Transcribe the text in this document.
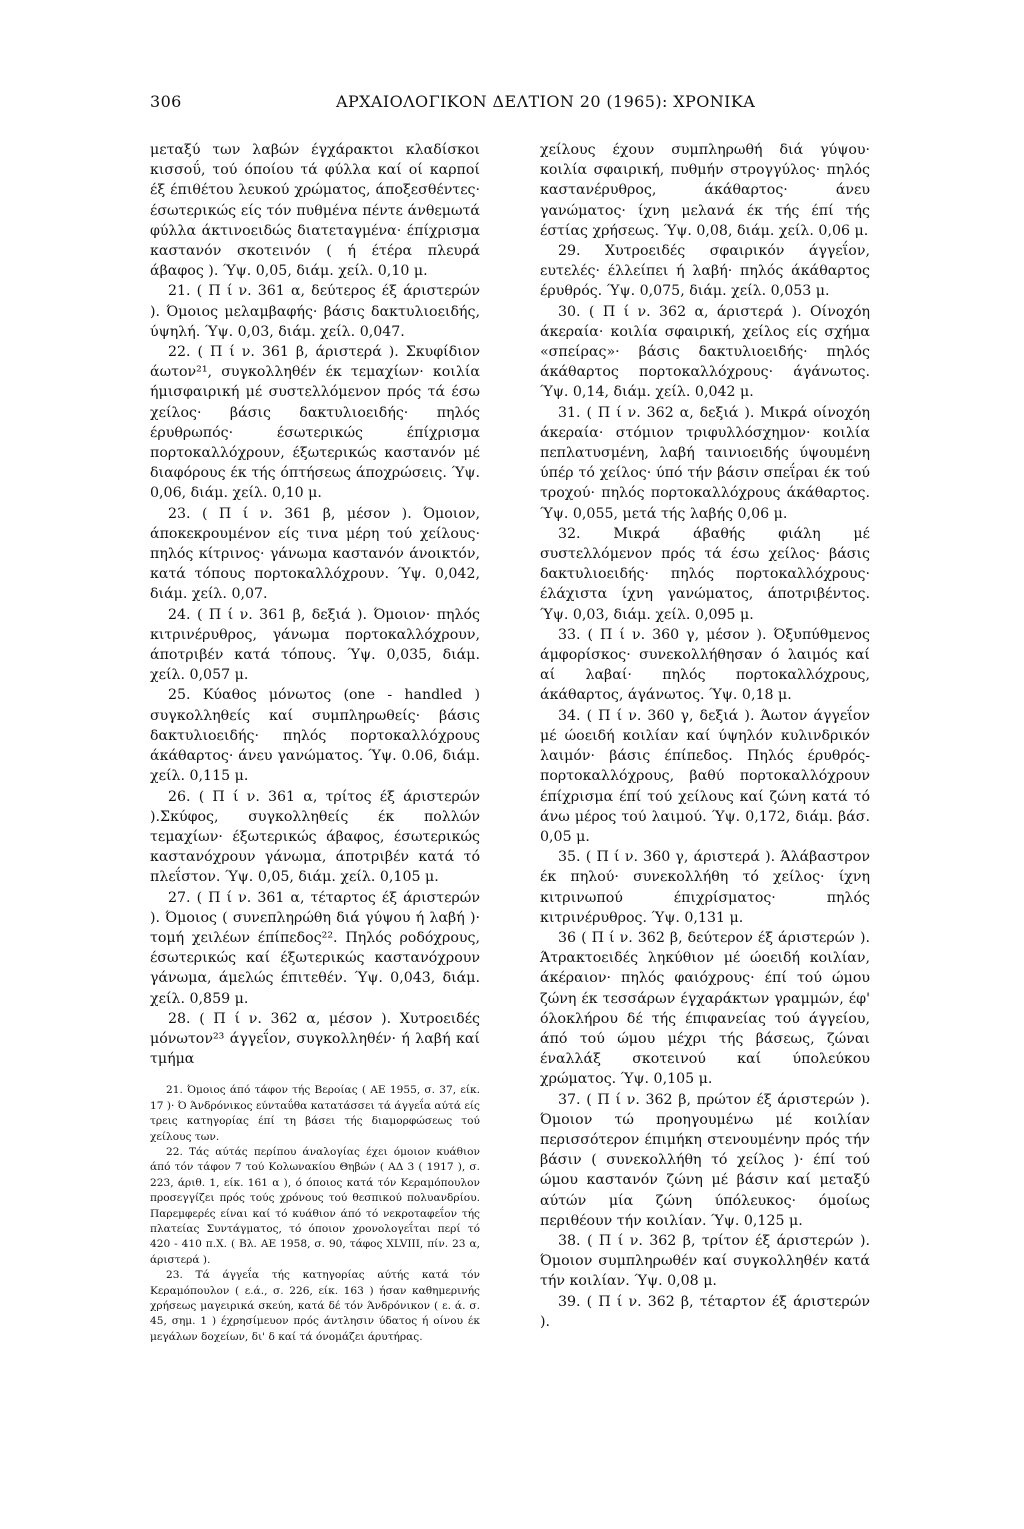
306	ΑΡΧΑΙΟΛΟΓΙΚΟΝ ΔΕΛΤΙΟΝ 20 (1965): ΧΡΟΝΙΚΑ

μεταξύ των λαβών έγχάρακτοι κλαδίσκοι κισσοΰ, τού όποίου τά φύλλα καί οί καρποί έξ έπιθέτου λευκού χρώματος, άποξεσθέντες· έσωτερικώς είς τόν πυθμένα πέντε άνθεμωτά φύλλα άκτινοειδώς διατεταγμένα· έπίχρισμα καστανόν σκοτεινόν ( ή έτέρα πλευρά άβαφος ). Ύψ. 0,05, διάμ. χείλ. 0,10 μ.

21. ( Π ί ν. 361 α, δεύτερος έξ άριστερών ). Όμοιος μελαμβαφής· βάσις δακτυλιοειδής, ύψηλή. Ύψ. 0,03, διάμ. χείλ. 0,047.

22. ( Π ί ν. 361 β, άριστερά ). Σκυφίδιον άωτον²¹, συγκολληθέν έκ τεμαχίων· κοιλία ήμισφαιρική μέ συστελλόμενον πρός τά έσω χείλος· βάσις δακτυλιοειδής· πηλός έρυθρωπός· έσωτερικώς έπίχρισμα πορτοκαλλόχρουν, έξωτερικώς καστανόν μέ διαφόρους έκ τής όπτήσεως άποχρώσεις. Ύψ. 0,06, διάμ. χείλ. 0,10 μ.

23. ( Π ί ν. 361 β, μέσον ). Όμοιον, άποκεκρουμένον είς τινα μέρη τού χείλους· πηλός κίτρινος· γάνωμα καστανόν άνοικτόν, κατά τόπους πορτοκαλλόχρουν. Ύψ. 0,042, διάμ. χείλ. 0,07.

24. ( Π ί ν. 361 β, δεξιά ). Όμοιον· πηλός κιτρινέρυθρος, γάνωμα πορτοκαλλόχρουν, άποτριβέν κατά τόπους. Ύψ. 0,035, διάμ. χείλ. 0,057 μ.

25. Κύαθος μόνωτος (one - handled ) συγκολληθείς καί συμπληρωθείς· βάσις δακτυλιοειδής· πηλός πορτοκαλλόχρους άκάθαρτος· άνευ γανώματος. Ύψ. 0.06, διάμ. χείλ. 0,115 μ.

26. ( Π ί ν. 361 α, τρίτος έξ άριστερών ).Σκύφος, συγκολληθείς έκ πολλών τεμαχίων· έξωτερικώς άβαφος, έσωτερικώς καστανόχρουν γάνωμα, άποτριβέν κατά τό πλεΐστον. Ύψ. 0,05, διάμ. χείλ. 0,105 μ.

27. ( Π ί ν. 361 α, τέταρτος έξ άριστερών ). Όμοιος ( συνεπληρώθη διά γύψου ή λαβή )· τομή χειλέων έπίπεδος²². Πηλός ροδόχρους, έσωτερικώς καί έξωτερικώς καστανόχρουν γάνωμα, άμελώς έπιτεθέν. Ύψ. 0,043, διάμ. χείλ. 0,859 μ.

28. ( Π ί ν. 362 α, μέσον ). Χυτροειδές μόνωτον²³ άγγεΐον, συγκολληθέν· ή λαβή καί τμήμα

21. Όμοιος άπό τάφον τής Βεροίας ( ΑΕ 1955, σ. 37, είκ. 17 )· Ό Άνδρόνικος εύνταΰθα κατατάσσει τά άγγεΐα αύτά είς τρεις κατηγορίας έπί τη βάσει τής διαμορφώσεως τού χείλους των.

22. Τάς αύτάς περίπου άναλογίας έχει όμοιον κυάθιον άπό τόν τάφον 7 τού Κολωνακίου Θηβών ( ΑΔ 3 ( 1917 ), σ. 223, άριθ. 1, είκ. 161 α ), ό όποιος κατά τόν Κεραμόπουλον προσεγγίζει πρός τούς χρόνους τού θεσπικού πολυανδρίου. Παρεμφερές είναι καί τό κυάθιον άπό τό νεκροταφεΐον τής πλατείας Συντάγματος, τό όποιον χρονολογεΐται περί τό 420 - 410 π.Χ. ( Βλ. ΑΕ 1958, σ. 90, τάφος XLVIII, πίν. 23 α, άριστερά ).

23. Τά άγγεΐα τής κατηγορίας αύτής κατά τόν Κεραμόπουλον ( ε.ά., σ. 226, είκ. 163 ) ήσαν καθημερινής χρήσεως μαγειρικά σκεύη, κατά δέ τόν Άνδρόνικον ( ε. ά. σ. 45, σημ. 1 ) έχρησίμευον πρός άντλησιν ύδατος ή οίνου έκ μεγάλων δοχείων, δι' δ καί τά όνομάζει άρυτήρας.

χείλους έχουν συμπληρωθή διά γύψου· κοιλία σφαιρική, πυθμήν στρογγύλος· πηλός καστανέρυθρος, άκάθαρτος· άνευ γανώματος· ίχνη μελανά έκ τής έπί τής έστίας χρήσεως. Ύψ. 0,08, διάμ. χείλ. 0,06 μ.

29. Χυτροειδές σφαιρικόν άγγεΐον, ευτελές· έλλείπει ή λαβή· πηλός άκάθαρτος έρυθρός. Ύψ. 0,075, διάμ. χείλ. 0,053 μ.

30. ( Π ί ν. 362 α, άριστερά ). Οίνοχόη άκεραία· κοιλία σφαιρική, χείλος είς σχήμα «σπείρας»· βάσις δακτυλιοειδής· πηλός άκάθαρτος πορτοκαλλόχρους· άγάνωτος. Ύψ. 0,14, διάμ. χείλ. 0,042 μ.

31. ( Π ί ν. 362 α, δεξιά ). Μικρά οίνοχόη άκεραία· στόμιον τριφυλλόσχημον· κοιλία πεπλατυσμένη, λαβή ταινιοειδής ύψουμένη ύπέρ τό χείλος· ύπό τήν βάσιν σπεΐραι έκ τού τροχού· πηλός πορτοκαλλόχρους άκάθαρτος. Ύψ. 0,055, μετά τής λαβής 0,06 μ.

32. Μικρά άβαθής φιάλη μέ συστελλόμενον πρός τά έσω χείλος· βάσις δακτυλιοειδής· πηλός πορτοκαλλόχρους· έλάχιστα ίχνη γανώματος, άποτριβέντος. Ύψ. 0,03, διάμ. χείλ. 0,095 μ.

33. ( Π ί ν. 360 γ, μέσον ). Όξυπύθμενος άμφορίσκος· συνεκολλήθησαν ό λαιμός καί αί λαβαί· πηλός πορτοκαλλόχρους, άκάθαρτος, άγάνωτος. Ύψ. 0,18 μ.

34. ( Π ί ν. 360 γ, δεξιά ). Άωτον άγγεΐον μέ ώοειδή κοιλίαν καί ύψηλόν κυλινδρικόν λαιμόν· βάσις έπίπεδος. Πηλός έρυθρός-πορτοκαλλόχρους, βαθύ πορτοκαλλόχρουν έπίχρισμα έπί τού χείλους καί ζώνη κατά τό άνω μέρος τού λαιμού. Ύψ. 0,172, διάμ. βάσ. 0,05 μ.

35. ( Π ί ν. 360 γ, άριστερά ). Άλάβαστρον έκ πηλού· συνεκολλήθη τό χείλος· ίχνη κιτρινωπού έπιχρίσματος· πηλός κιτρινέρυθρος. Ύψ. 0,131 μ.

36 ( Π ί ν. 362 β, δεύτερον έξ άριστερών ). Άτρακτοειδές ληκύθιον μέ ώοειδή κοιλίαν, άκέραιον· πηλός φαιόχρους· έπί τού ώμου ζώνη έκ τεσσάρων έγχαράκτων γραμμών, έφ' όλοκλήρου δέ τής έπιφανείας τού άγγείου, άπό τού ώμου μέχρι τής βάσεως, ζώναι έναλλάξ σκοτεινού καί ύπολεύκου χρώματος. Ύψ. 0,105 μ.

37. ( Π ί ν. 362 β, πρώτον έξ άριστερών ). Όμοιον τώ προηγουμένω μέ κοιλίαν περισσότερον έπιμήκη στενουμένην πρός τήν βάσιν ( συνεκολλήθη τό χείλος )· έπί τού ώμου καστανόν ζώνη μέ βάσιν καί μεταξύ αύτών μία ζώνη ύπόλευκος· όμοίως περιθέουν τήν κοιλίαν. Ύψ. 0,125 μ.

38. ( Π ί ν. 362 β, τρίτον έξ άριστερών ). Όμοιον συμπληρωθέν καί συγκολληθέν κατά τήν κοιλίαν. Ύψ. 0,08 μ.

39. ( Π ί ν. 362 β, τέταρτον έξ άριστερών ).
